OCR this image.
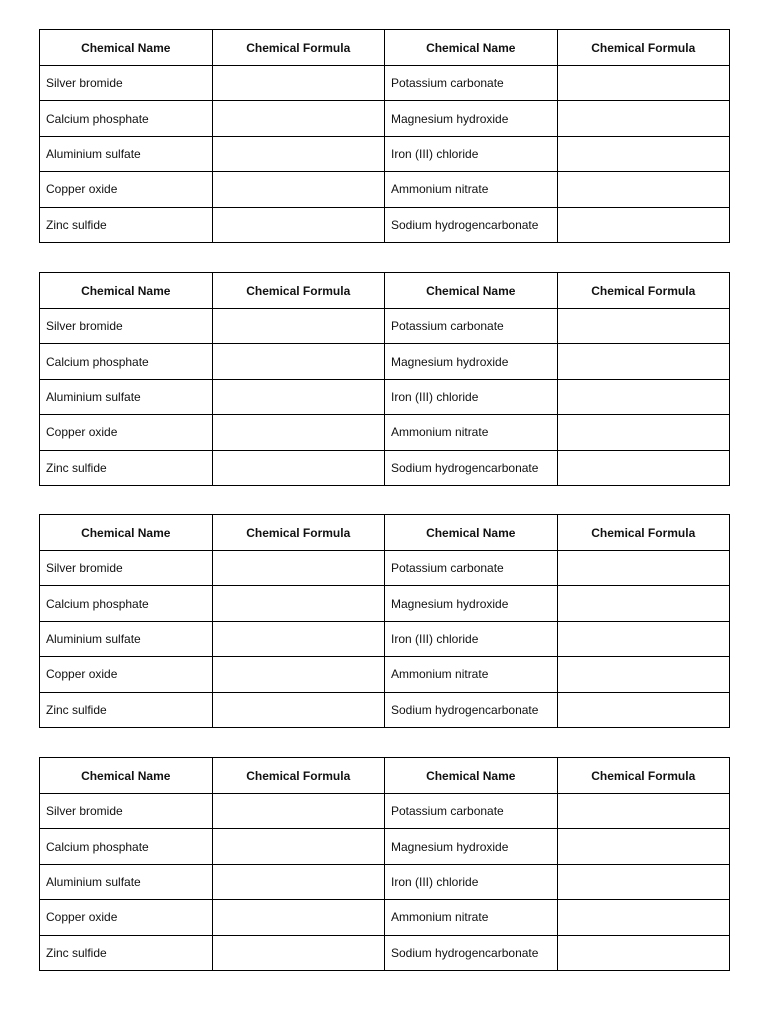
Chemical Name	Chemical Formula	Chemical Name	Chemical Formula
Silver bromide		Potassium carbonate	
Calcium phosphate		Magnesium hydroxide	
Aluminium sulfate		Iron (III) chloride	
Copper oxide		Ammonium nitrate	
Zinc sulfide		Sodium hydrogencarbonate	
Chemical Name	Chemical Formula	Chemical Name	Chemical Formula
Silver bromide		Potassium carbonate	
Calcium phosphate		Magnesium hydroxide	
Aluminium sulfate		Iron (III) chloride	
Copper oxide		Ammonium nitrate	
Zinc sulfide		Sodium hydrogencarbonate	
Chemical Name	Chemical Formula	Chemical Name	Chemical Formula
Silver bromide		Potassium carbonate	
Calcium phosphate		Magnesium hydroxide	
Aluminium sulfate		Iron (III) chloride	
Copper oxide		Ammonium nitrate	
Zinc sulfide		Sodium hydrogencarbonate	
Chemical Name	Chemical Formula	Chemical Name	Chemical Formula
Silver bromide		Potassium carbonate	
Calcium phosphate		Magnesium hydroxide	
Aluminium sulfate		Iron (III) chloride	
Copper oxide		Ammonium nitrate	
Zinc sulfide		Sodium hydrogencarbonate	
